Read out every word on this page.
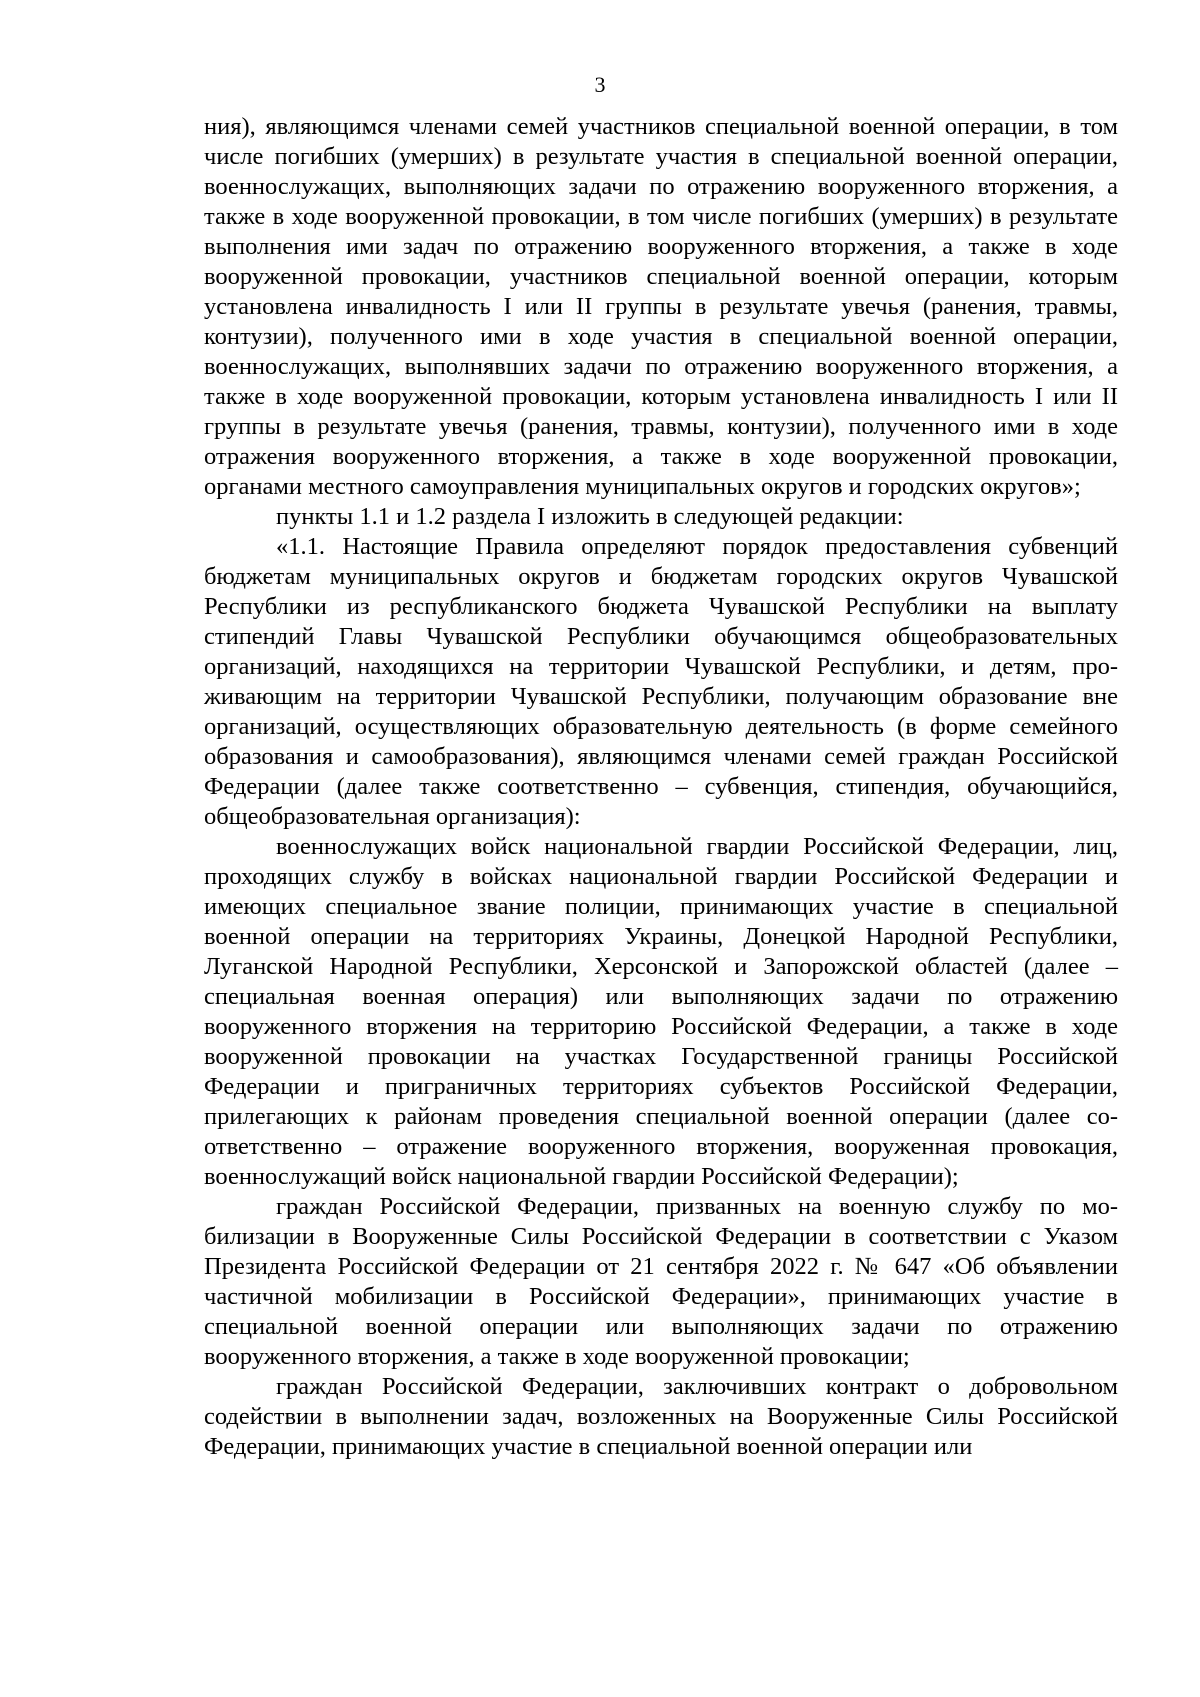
3

ния), являющимся членами семей участников специальной военной операции, в том числе погибших (умерших) в результате участия в специальной военной операции, военнослужащих, выполняющих задачи по отражению вооруженного вторжения, а также в ходе вооруженной провокации, в том числе погибших (умерших) в результате выполнения ими задач по отражению вооруженного вторжения, а также в ходе вооруженной провокации, участников специальной военной операции, которым установлена инвалидность I или II группы в результате увечья (ранения, травмы, контузии), полученного ими в ходе участия в специальной военной операции, военнослужащих, выполнявших задачи по отражению вооруженного вторжения, а также в ходе вооруженной провокации, которым установлена инвалидность I или II группы в результате увечья (ранения, травмы, контузии), полученного ими в ходе отражения вооруженного вторжения, а также в ходе вооруженной провокации, органами местного самоуправления муниципальных округов и городских округов»;

пункты 1.1 и 1.2 раздела I изложить в следующей редакции:

«1.1. Настоящие Правила определяют порядок предоставления субвенций бюджетам муниципальных округов и бюджетам городских округов Чувашской Республики из республиканского бюджета Чувашской Республики на выплату стипендий Главы Чувашской Республики обучающимся общеобразовательных организаций, находящихся на территории Чувашской Республики, и детям, проживающим на территории Чувашской Республики, получающим образование вне организаций, осуществляющих образовательную деятельность (в форме семейного образования и самообразования), являющимся членами семей граждан Российской Федерации (далее также соответственно – субвенция, стипендия, обучающийся, общеобразовательная организация):

военнослужащих войск национальной гвардии Российской Федерации, лиц, проходящих службу в войсках национальной гвардии Российской Федерации и имеющих специальное звание полиции, принимающих участие в специальной военной операции на территориях Украины, Донецкой Народной Республики, Луганской Народной Республики, Херсонской и Запорожской областей (далее – специальная военная операция) или выполняющих задачи по отражению вооруженного вторжения на территорию Российской Федерации, а также в ходе вооруженной провокации на участках Государственной границы Российской Федерации и приграничных территориях субъектов Российской Федерации, прилегающих к районам проведения специальной военной операции (далее соответственно – отражение вооруженного вторжения, вооруженная провокация, военнослужащий войск национальной гвардии Российской Федерации);

граждан Российской Федерации, призванных на военную службу по мобилизации в Вооруженные Силы Российской Федерации в соответствии с Указом Президента Российской Федерации от 21 сентября 2022 г. № 647 «Об объявлении частичной мобилизации в Российской Федерации», принимающих участие в специальной военной операции или выполняющих задачи по отражению вооруженного вторжения, а также в ходе вооруженной провокации;

граждан Российской Федерации, заключивших контракт о добровольном содействии в выполнении задач, возложенных на Вооруженные Силы Российской Федерации, принимающих участие в специальной военной операции или
